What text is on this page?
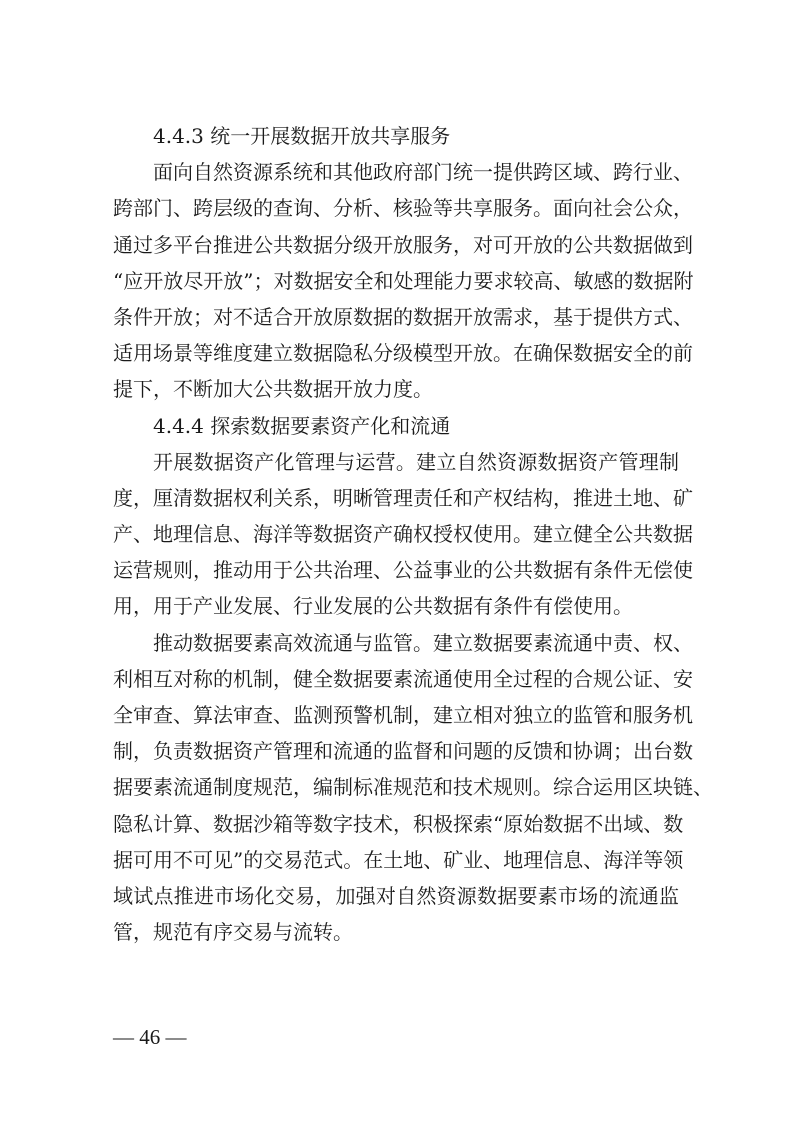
4.4.3 统一开展数据开放共享服务
面向自然资源系统和其他政府部门统一提供跨区域、跨行业、
跨部门、跨层级的查询、分析、核验等共享服务。面向社会公众，
通过多平台推进公共数据分级开放服务，对可开放的公共数据做到
“应开放尽开放”；对数据安全和处理能力要求较高、敏感的数据附
条件开放；对不适合开放原数据的数据开放需求，基于提供方式、
适用场景等维度建立数据隐私分级模型开放。在确保数据安全的前
提下，不断加大公共数据开放力度。
4.4.4 探索数据要素资产化和流通
开展数据资产化管理与运营。建立自然资源数据资产管理制
度，厘清数据权利关系，明晰管理责任和产权结构，推进土地、矿
产、地理信息、海洋等数据资产确权授权使用。建立健全公共数据
运营规则，推动用于公共治理、公益事业的公共数据有条件无偿使
用，用于产业发展、行业发展的公共数据有条件有偿使用。
推动数据要素高效流通与监管。建立数据要素流通中责、权、
利相互对称的机制，健全数据要素流通使用全过程的合规公证、安
全审查、算法审查、监测预警机制，建立相对独立的监管和服务机
制，负责数据资产管理和流通的监督和问题的反馈和协调；出台数
据要素流通制度规范，编制标准规范和技术规则。综合运用区块链、
隐私计算、数据沙箱等数字技术，积极探索“原始数据不出域、数
据可用不可见”的交易范式。在土地、矿业、地理信息、海洋等领
域试点推进市场化交易，加强对自然资源数据要素市场的流通监
管，规范有序交易与流转。
— 46 —
